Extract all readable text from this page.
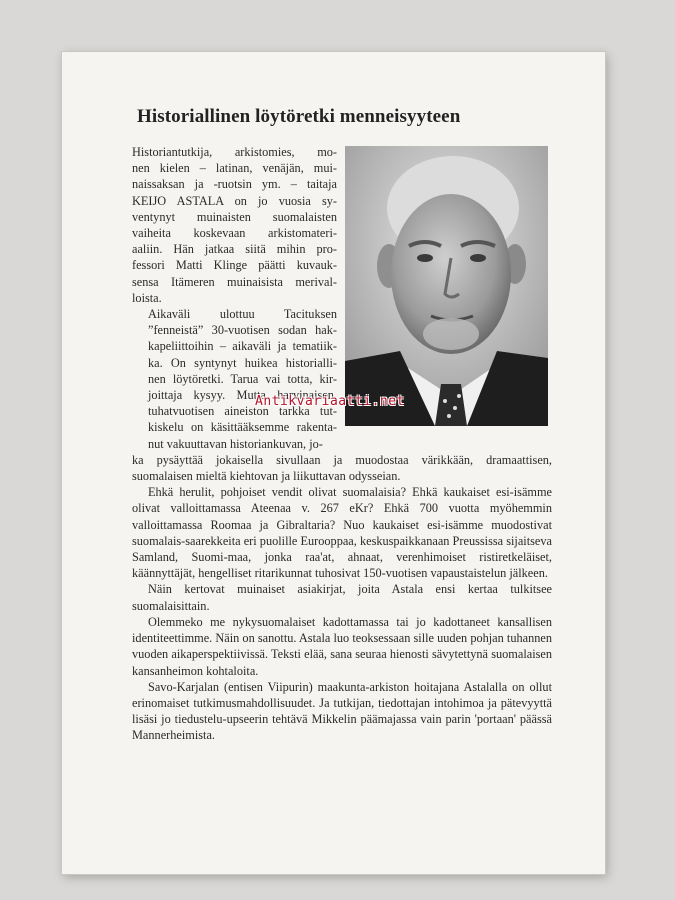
Historiallinen löytöretki menneisyyteen

Historiantutkija, arkistomies, mo-
nen kielen – latinan, venäjän, mui-
naissaksan ja -ruotsin ym. – taitaja
KEIJO ASTALA on jo vuosia sy-
ventynyt muinaisten suomalaisten
vaiheita koskevaan arkistomateri-
aaliin. Hän jatkaa siitä mihin pro-
fessori Matti Klinge päätti kuvauk-
sensa Itämeren muinaisista merival-
loista.

Aikaväli ulottuu Tacituksen
”fenneistä” 30-vuotisen sodan hak-
kapeliittoihin – aikaväli ja tematiik-
ka. On syntynyt huikea historialli-
nen löytöretki. Tarua vai totta, kir-
joittaja kysyy. Mutta harvinaisen,
tuhatvuotisen aineiston tarkka tut-
kiskelu on käsittääksemme rakenta-
nut vakuuttavan historiankuvan, jo-

ka pysäyttää jokaisella sivullaan ja muodostaa värikkään, dramaattisen,
suomalaisen mieltä kiehtovan ja liikuttavan odysseian.

Ehkä herulit, pohjoiset vendit olivat suomalaisia? Ehkä kaukaiset esi-isämme olivat valloittamassa Ateenaa v. 267 eKr? Ehkä 700 vuotta myöhemmin valloittamassa Roomaa ja Gibraltaria? Nuo kaukaiset esi-isämme muodostivat suomalais-saarekkeita eri puolille Eurooppaa, keskuspaikkanaan Preussissa sijaitseva Samland, Suomi-maa, jonka raa'at, ahnaat, verenhimoiset ristiretkeläiset, käännyttäjät, hengelliset ritarikunnat tuhosivat 150-vuotisen vapaustaistelun jälkeen.

Näin kertovat muinaiset asiakirjat, joita Astala ensi kertaa tulkitsee suomalaisittain.

Olemmeko me nykysuomalaiset kadottamassa tai jo kadottaneet kansallisen identiteettimme. Näin on sanottu. Astala luo teoksessaan sille uuden pohjan tuhannen vuoden aikaperspektiivissä. Teksti elää, sana seuraa hienosti sävytettynä suomalaisen kansanheimon kohtaloita.

Savo-Karjalan (entisen Viipurin) maakunta-arkiston hoitajana Astalalla on ollut erinomaiset tutkimusmahdollisuudet. Ja tutkijan, tiedottajan intohimoa ja pätevyyttä lisäsi jo tiedustelu-upseerin tehtävä Mikkelin päämajassa vain parin 'portaan' päässä Mannerheimista.

Antikvariaatti.net
